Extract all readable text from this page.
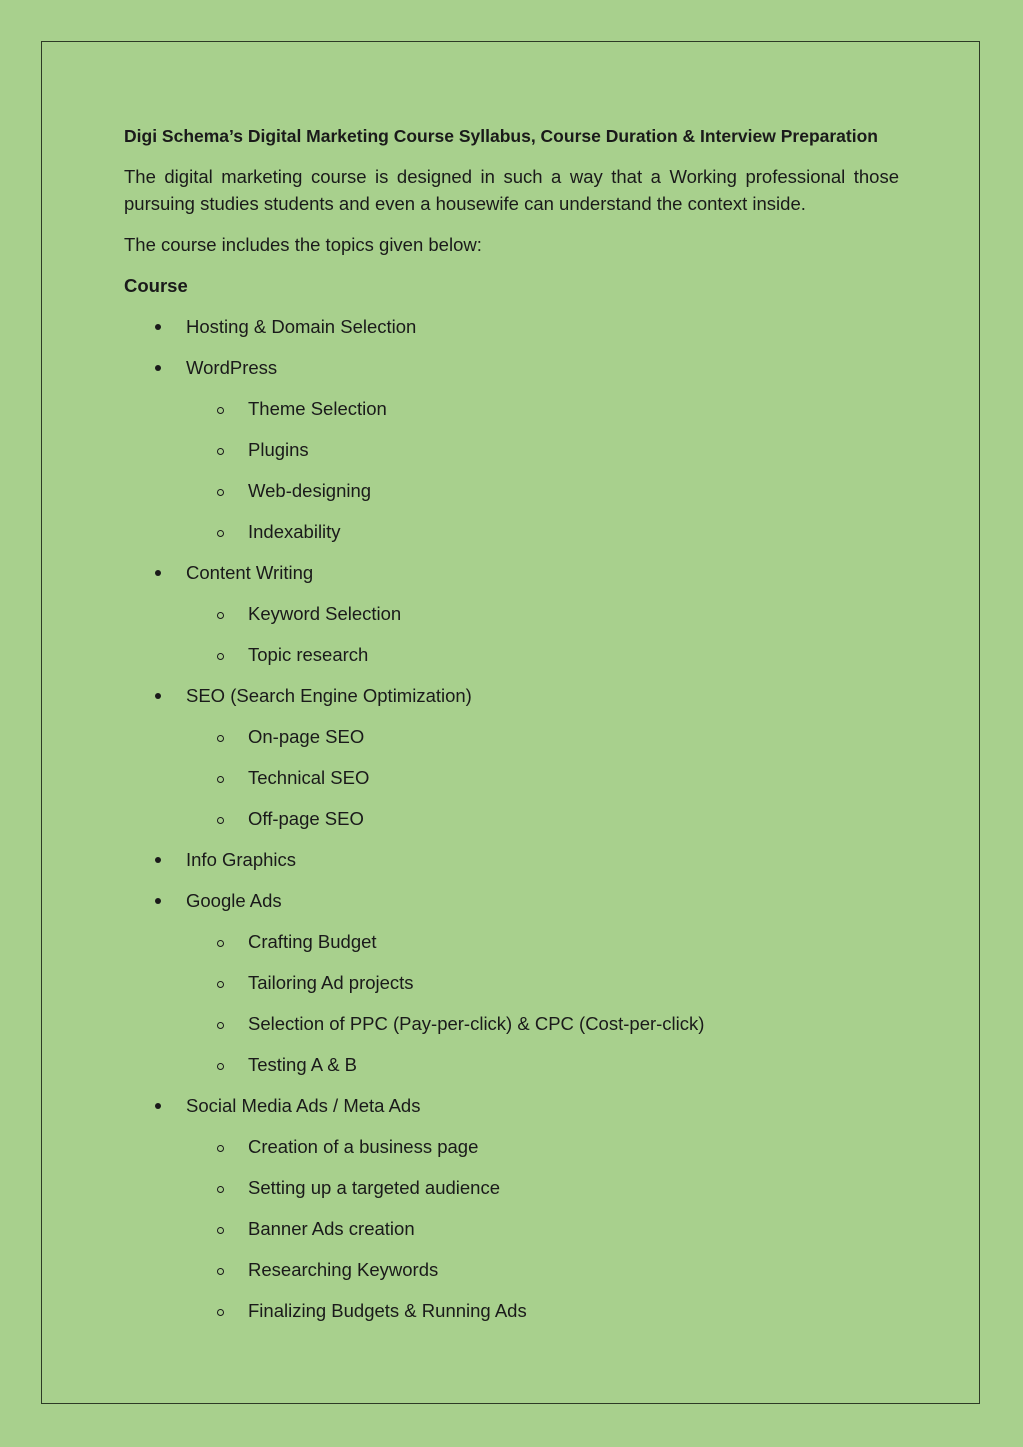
Digi Schema’s Digital Marketing Course Syllabus, Course Duration & Interview Preparation
The digital marketing course is designed in such a way that a Working professional those pursuing studies students and even a housewife can understand the context inside.
The course includes the topics given below:
Course
Hosting & Domain Selection
WordPress
Theme Selection
Plugins
Web-designing
Indexability
Content Writing
Keyword Selection
Topic research
SEO (Search Engine Optimization)
On-page SEO
Technical SEO
Off-page SEO
Info Graphics
Google Ads
Crafting Budget
Tailoring Ad projects
Selection of PPC (Pay-per-click) & CPC (Cost-per-click)
Testing A & B
Social Media Ads / Meta Ads
Creation of a business page
Setting up a targeted audience
Banner Ads creation
Researching Keywords
Finalizing Budgets & Running Ads
